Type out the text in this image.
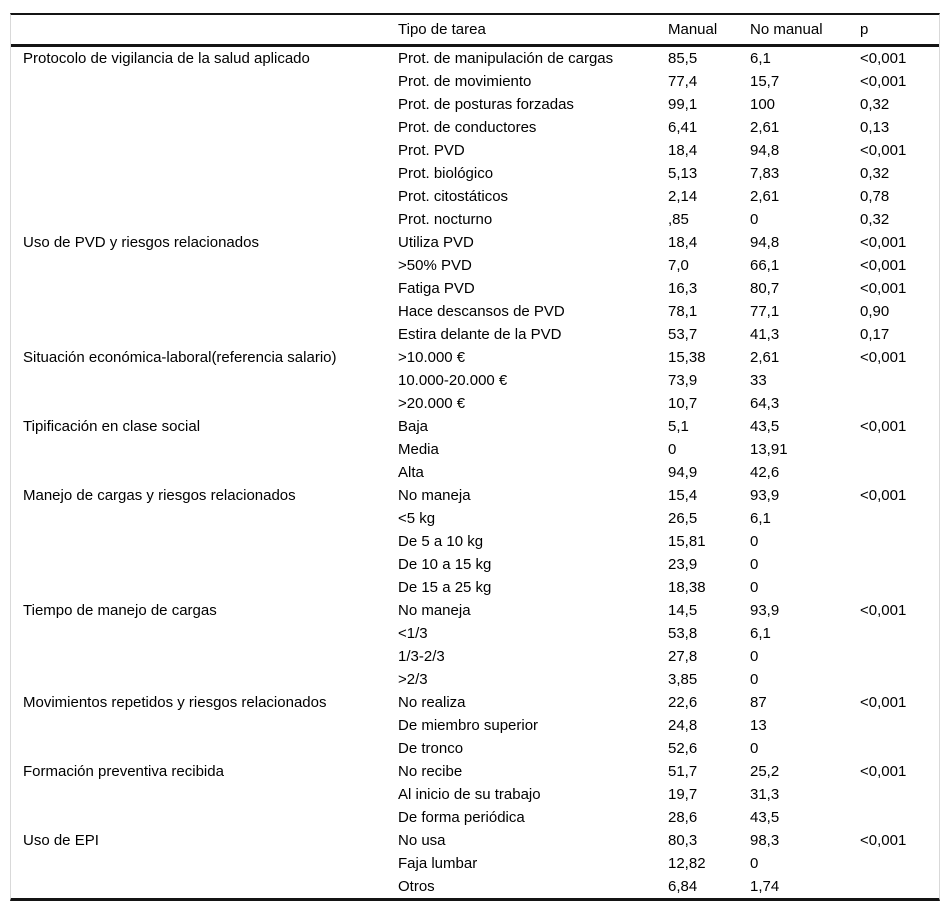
	Tipo de tarea	Manual	No manual	p
Protocolo de vigilancia de la salud aplicado	Prot. de manipulación de cargas	85,5	6,1	<0,001
	Prot. de movimiento	77,4	15,7	<0,001
	Prot. de posturas forzadas	99,1	100	0,32
	Prot. de conductores	6,41	2,61	0,13
	Prot. PVD	18,4	94,8	<0,001
	Prot. biológico	5,13	7,83	0,32
	Prot. citostáticos	2,14	2,61	0,78
	Prot. nocturno	,85	0	0,32
Uso de PVD y riesgos relacionados	Utiliza PVD	18,4	94,8	<0,001
	>50% PVD	7,0	66,1	<0,001
	Fatiga PVD	16,3	80,7	<0,001
	Hace descansos de PVD	78,1	77,1	0,90
	Estira delante de la PVD	53,7	41,3	0,17
Situación económica-laboral(referencia salario)	>10.000 €	15,38	2,61	<0,001
	10.000-20.000 €	73,9	33	
	>20.000 €	10,7	64,3	
Tipificación en clase social	Baja	5,1	43,5	<0,001
	Media	0	13,91	
	Alta	94,9	42,6	
Manejo de cargas y riesgos relacionados	No maneja	15,4	93,9	<0,001
	<5 kg	26,5	6,1	
	De 5 a 10 kg	15,81	0	
	De 10 a 15 kg	23,9	0	
	De 15 a 25 kg	18,38	0	
Tiempo de manejo de cargas	No maneja	14,5	93,9	<0,001
	<1/3	53,8	6,1	
	1/3-2/3	27,8	0	
	>2/3	3,85	0	
Movimientos repetidos y riesgos relacionados	No realiza	22,6	87	<0,001
	De miembro superior	24,8	13	
	De tronco	52,6	0	
Formación preventiva recibida	No recibe	51,7	25,2	<0,001
	Al inicio de su trabajo	19,7	31,3	
	De forma periódica	28,6	43,5	
Uso de EPI	No usa	80,3	98,3	<0,001
	Faja lumbar	12,82	0	
	Otros	6,84	1,74	
